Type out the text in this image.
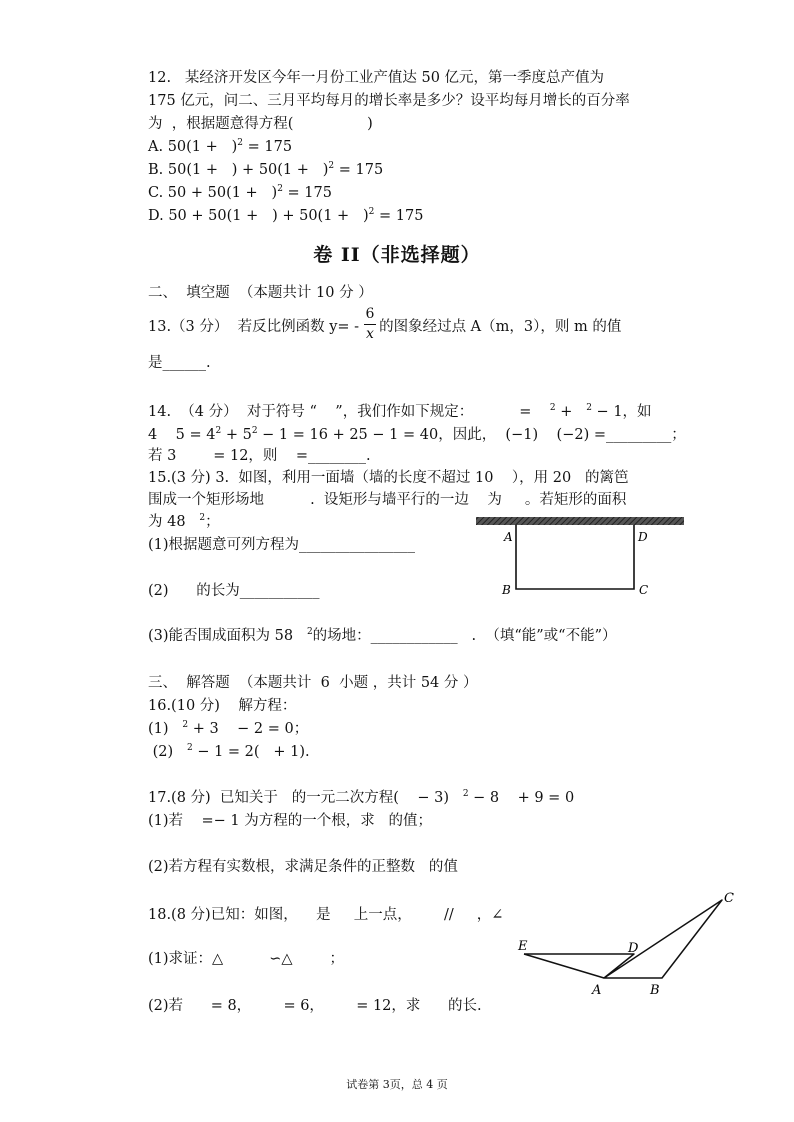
12.   某经济开发区今年一月份工业产值达 50 亿元，第一季度总产值为
175 亿元，问二、三月平均每月的增长率是多少？设平均每月增长的百分率
为  ，根据题意得方程(                )
A. $50(1 + )^2 = 175$
B. 50(1 +   ) + $50(1 + )^2 = 175$
C. $50 + 50(1 + )^2 = 175$
D. 50 + 50(1 +   ) + $50(1 + )^2 = 175$
卷 II（非选择题）
二、  填空题  （本题共计 10 分 ）
13.（3 分）  若反比例函数 y= - 的图象经过点 A（m，3），则 m 的值
6
x
是______.
14.  （4 分）  对于符号 “    ”，我们作如下规定：          =    $^2$ +   $^2$ − 1，如
4    $5 = 4^2 + 5^2 - 1 = 16 + 25 - 1 = 40$，因此，  (−1)    (−2) =_________；
若 3        = 12，则    =________.
15.(3 分) 3.  如图，利用一面墙（墙的长度不超过 10    ），用 20   的篱笆
围成一个矩形场地          .  设矩形与墙平行的一边    为     。若矩形的面积
为 48   $^2$；
(1)根据题意可列方程为________________
(2)      的长为___________
(3)能否围成面积为 58   $^2$的场地：____________   .  （填“能”或“不能”）
A	D
B	C
三、  解答题  （本题共计  6  小题 ，共计 54 分 ）
16.(10 分)    解方程：
(1)   $^2$ + 3    − 2 = 0；
(2)   $^2$ − 1 = 2(   + 1).
17.(8 分)  已知关于   的一元二次方程(    − 3)   $^2$ − 8    + 9 = 0
(1)若    =− 1 为方程的一个根，求   的值；
(2)若方程有实数根，求满足条件的正整数   的值
18.(8 分)已知：如图，    是     上一点，       //     ，∠
(1)求证：△          ∽△        ；
(2)若      = 8，       = 6，       = 12，求      的长.
C
E	D
A	B
试卷第 3页，总 4 页
